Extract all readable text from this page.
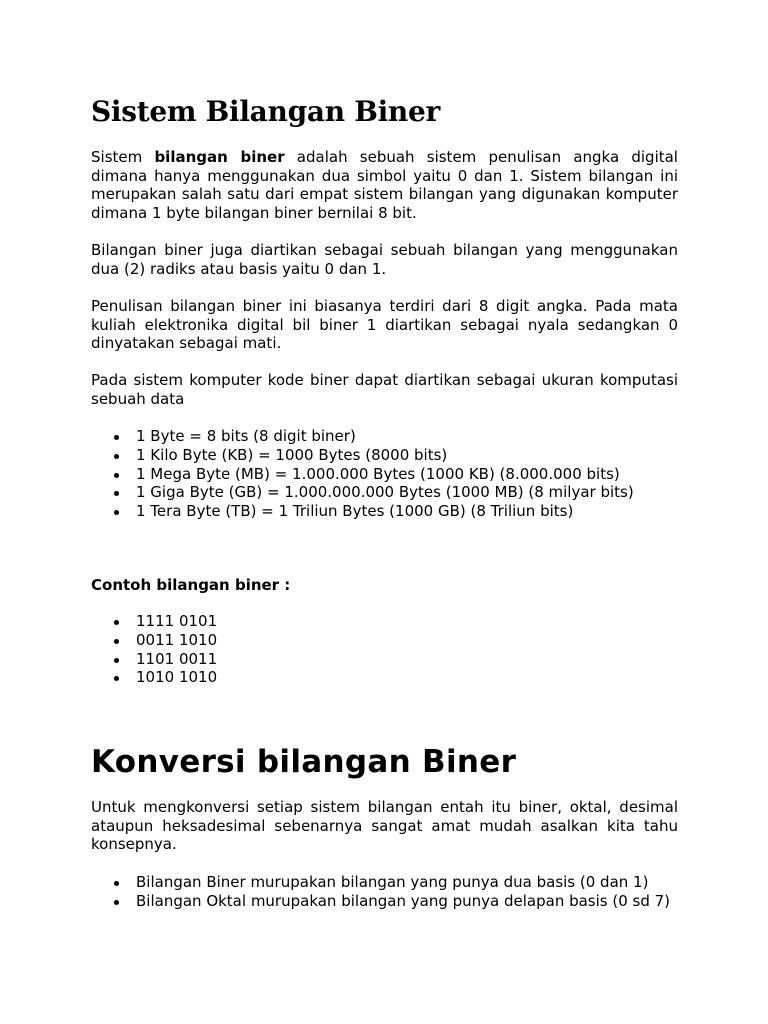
Sistem Bilangan Biner

Sistem bilangan biner adalah sebuah sistem penulisan angka digital dimana hanya menggunakan dua simbol yaitu 0 dan 1. Sistem bilangan ini merupakan salah satu dari empat sistem bilangan yang digunakan komputer dimana 1 byte bilangan biner bernilai 8 bit.

Bilangan biner juga diartikan sebagai sebuah bilangan yang menggunakan dua (2) radiks atau basis yaitu 0 dan 1.

Penulisan bilangan biner ini biasanya terdiri dari 8 digit angka. Pada mata kuliah elektronika digital bil biner 1 diartikan sebagai nyala sedangkan 0 dinyatakan sebagai mati.

Pada sistem komputer kode biner dapat diartikan sebagai ukuran komputasi sebuah data

1 Byte = 8 bits (8 digit biner)
1 Kilo Byte (KB) = 1000 Bytes (8000 bits)
1 Mega Byte (MB) = 1.000.000 Bytes (1000 KB) (8.000.000 bits)
1 Giga Byte (GB) = 1.000.000.000 Bytes (1000 MB) (8 milyar bits)
1 Tera Byte (TB) = 1 Triliun Bytes (1000 GB) (8 Triliun bits)

Contoh bilangan biner :

1111 0101
0011 1010
1101 0011
1010 1010
Konversi bilangan Biner

Untuk mengkonversi setiap sistem bilangan entah itu biner, oktal, desimal ataupun heksadesimal sebenarnya sangat amat mudah asalkan kita tahu konsepnya.

Bilangan Biner murupakan bilangan yang punya dua basis (0 dan 1)
Bilangan Oktal murupakan bilangan yang punya delapan basis (0 sd 7)
